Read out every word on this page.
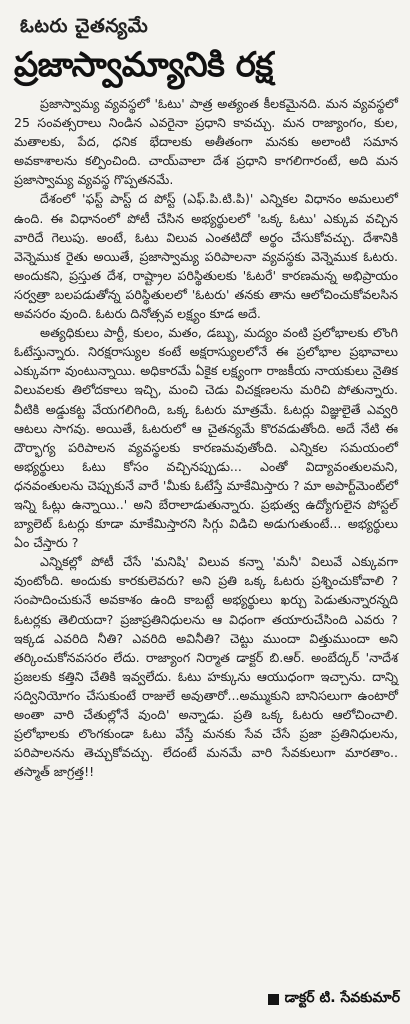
ఓటరు చైతన్యమే
ప్రజాస్వామ్యానికి రక్ష

ప్రజాస్వామ్య వ్యవస్థలో 'ఓటు' పాత్ర అత్యంత కీలకమైనది. మన వ్యవస్థలో 25 సంవత్సరాలు నిండిన ఎవరైనా ప్రధాని కావచ్చు. మన రాజ్యాంగం, కుల, మతాలకు, పేద, ధనిక భేదాలకు అతీతంగా మనకు అలాంటి సమాన అవకాశాలను కల్పించింది. చాయ్‌వాలా దేశ ప్రధాని కాగలిగారంటే, అది మన ప్రజాస్వామ్య వ్యవస్థ గొప్పతనమే.

దేశంలో 'ఫస్ట్ పాస్ట్ ద పోస్ట్ (ఎఫ్.పి.టి.పి)' ఎన్నికల విధానం అమలులో ఉంది. ఈ విధానంలో పోటీ చేసిన అభ్యర్థులలో 'ఒక్క ఓటు' ఎక్కువ వచ్చిన వారిదే గెలుపు. అంటే, ఓటు విలువ ఎంతటిదో అర్థం చేసుకోవచ్చు. దేశానికి వెన్నెముక రైతు అయితే, ప్రజాస్వామ్య పరిపాలనా వ్యవస్థకు వెన్నెముక ఓటరు. అందుకని, ప్రస్తుత దేశ, రాష్ట్రాల పరిస్థితులకు 'ఓటరే' కారణమన్న అభిప్రాయం సర్వత్రా బలపడుతోన్న పరిస్థితులలో 'ఓటరు' తనకు తాను ఆలోచించుకోవలసిన అవసరం వుంది. ఓటరు దినోత్సవ లక్ష్యం కూడ అదే.

అత్యధికులు పార్టీ, కులం, మతం, డబ్బు, మద్యం వంటి ప్రలోభాలకు లొంగి ఓటేస్తున్నారు. నిరక్షరాస్యుల కంటే అక్షరాస్యులలోనే ఈ ప్రలోభాల ప్రభావాలు ఎక్కువగా వుంటున్నాయి. అధికారమే ఏకైక లక్ష్యంగా రాజకీయ నాయకులు నైతిక విలువలకు తిలోదకాలు ఇచ్చి, మంచి చెడు విచక్షణలను మరిచి పోతున్నారు. వీటికి అడ్డుకట్ట వేయగలిగింది, ఒక్క ఓటరు మాత్రమే. ఓటర్లు విజ్ఞులైతే ఎవ్వరి ఆటలు సాగవు. అయితే, ఓటరులో ఆ చైతన్యమే కొరవడుతోంది. అదే నేటి ఈ దౌర్భాగ్య పరిపాలన వ్యవస్థలకు కారణమవుతోంది. ఎన్నికల సమయంలో అభ్యర్థులు ఓటు కోసం వచ్చినప్పుడు... ఎంతో విద్యావంతులమని, ధనవంతులను చెప్పుకునే వారే 'మీకు ఓటేస్తే మాకేమిస్తారు ? మా అపార్ట్‌మెంట్‌లో ఇన్ని ఓట్లు ఉన్నాయి..' అని బేరాలాడుతున్నారు. ప్రభుత్వ ఉద్యోగులైన పోస్టల్ బ్యాలెట్ ఓటర్లు కూడా మాకేమిస్తారని సిగ్గు విడిచి అడుగుతుంటే... అభ్యర్థులు ఏం చేస్తారు ?

ఎన్నికల్లో పోటీ చేసే 'మనిషి' విలువ కన్నా 'మనీ' విలువే ఎక్కువగా వుంటోంది. అందుకు కారకులెవరు? అని ప్రతి ఒక్క ఓటరు ప్రశ్నించుకోవాలి ? సంపాదించుకునే అవకాశం ఉంది కాబట్టే అభ్యర్థులు ఖర్చు పెడుతున్నారన్నది ఓటర్లకు తెలియదా? ప్రజాప్రతినిధులను ఆ విధంగా తయారుచేసింది ఎవరు ? ఇక్కడ ఎవరిది నీతి? ఎవరిది అవినీతి? చెట్టు ముందా విత్తుముందా అని తర్కించుకోనవసరం లేదు. రాజ్యాంగ నిర్మాత డాక్టర్ బి.ఆర్. అంబేద్కర్ 'నాదేశ ప్రజలకు కత్తిని చేతికి ఇవ్వలేదు. ఓటు హక్కును ఆయుధంగా ఇచ్చాను. దాన్ని సద్వినియోగం చేసుకుంటే రాజులే అవుతారో...అమ్ముకుని బానిసలుగా ఉంటారో అంతా వారి చేతుల్లోనే వుంది' అన్నాడు. ప్రతి ఒక్క ఓటరు ఆలోచించాలి. ప్రలోభాలకు లొంగకుండా ఓటు వేస్తే మనకు సేవ చేసే ప్రజా ప్రతినిధులను, పరిపాలనను తెచ్చుకోవచ్చు. లేదంటే మనమే వారి సేవకులుగా మారతాం.. తస్మాత్ జాగ్రత్త!!

డాక్టర్ టి. సేవకుమార్
